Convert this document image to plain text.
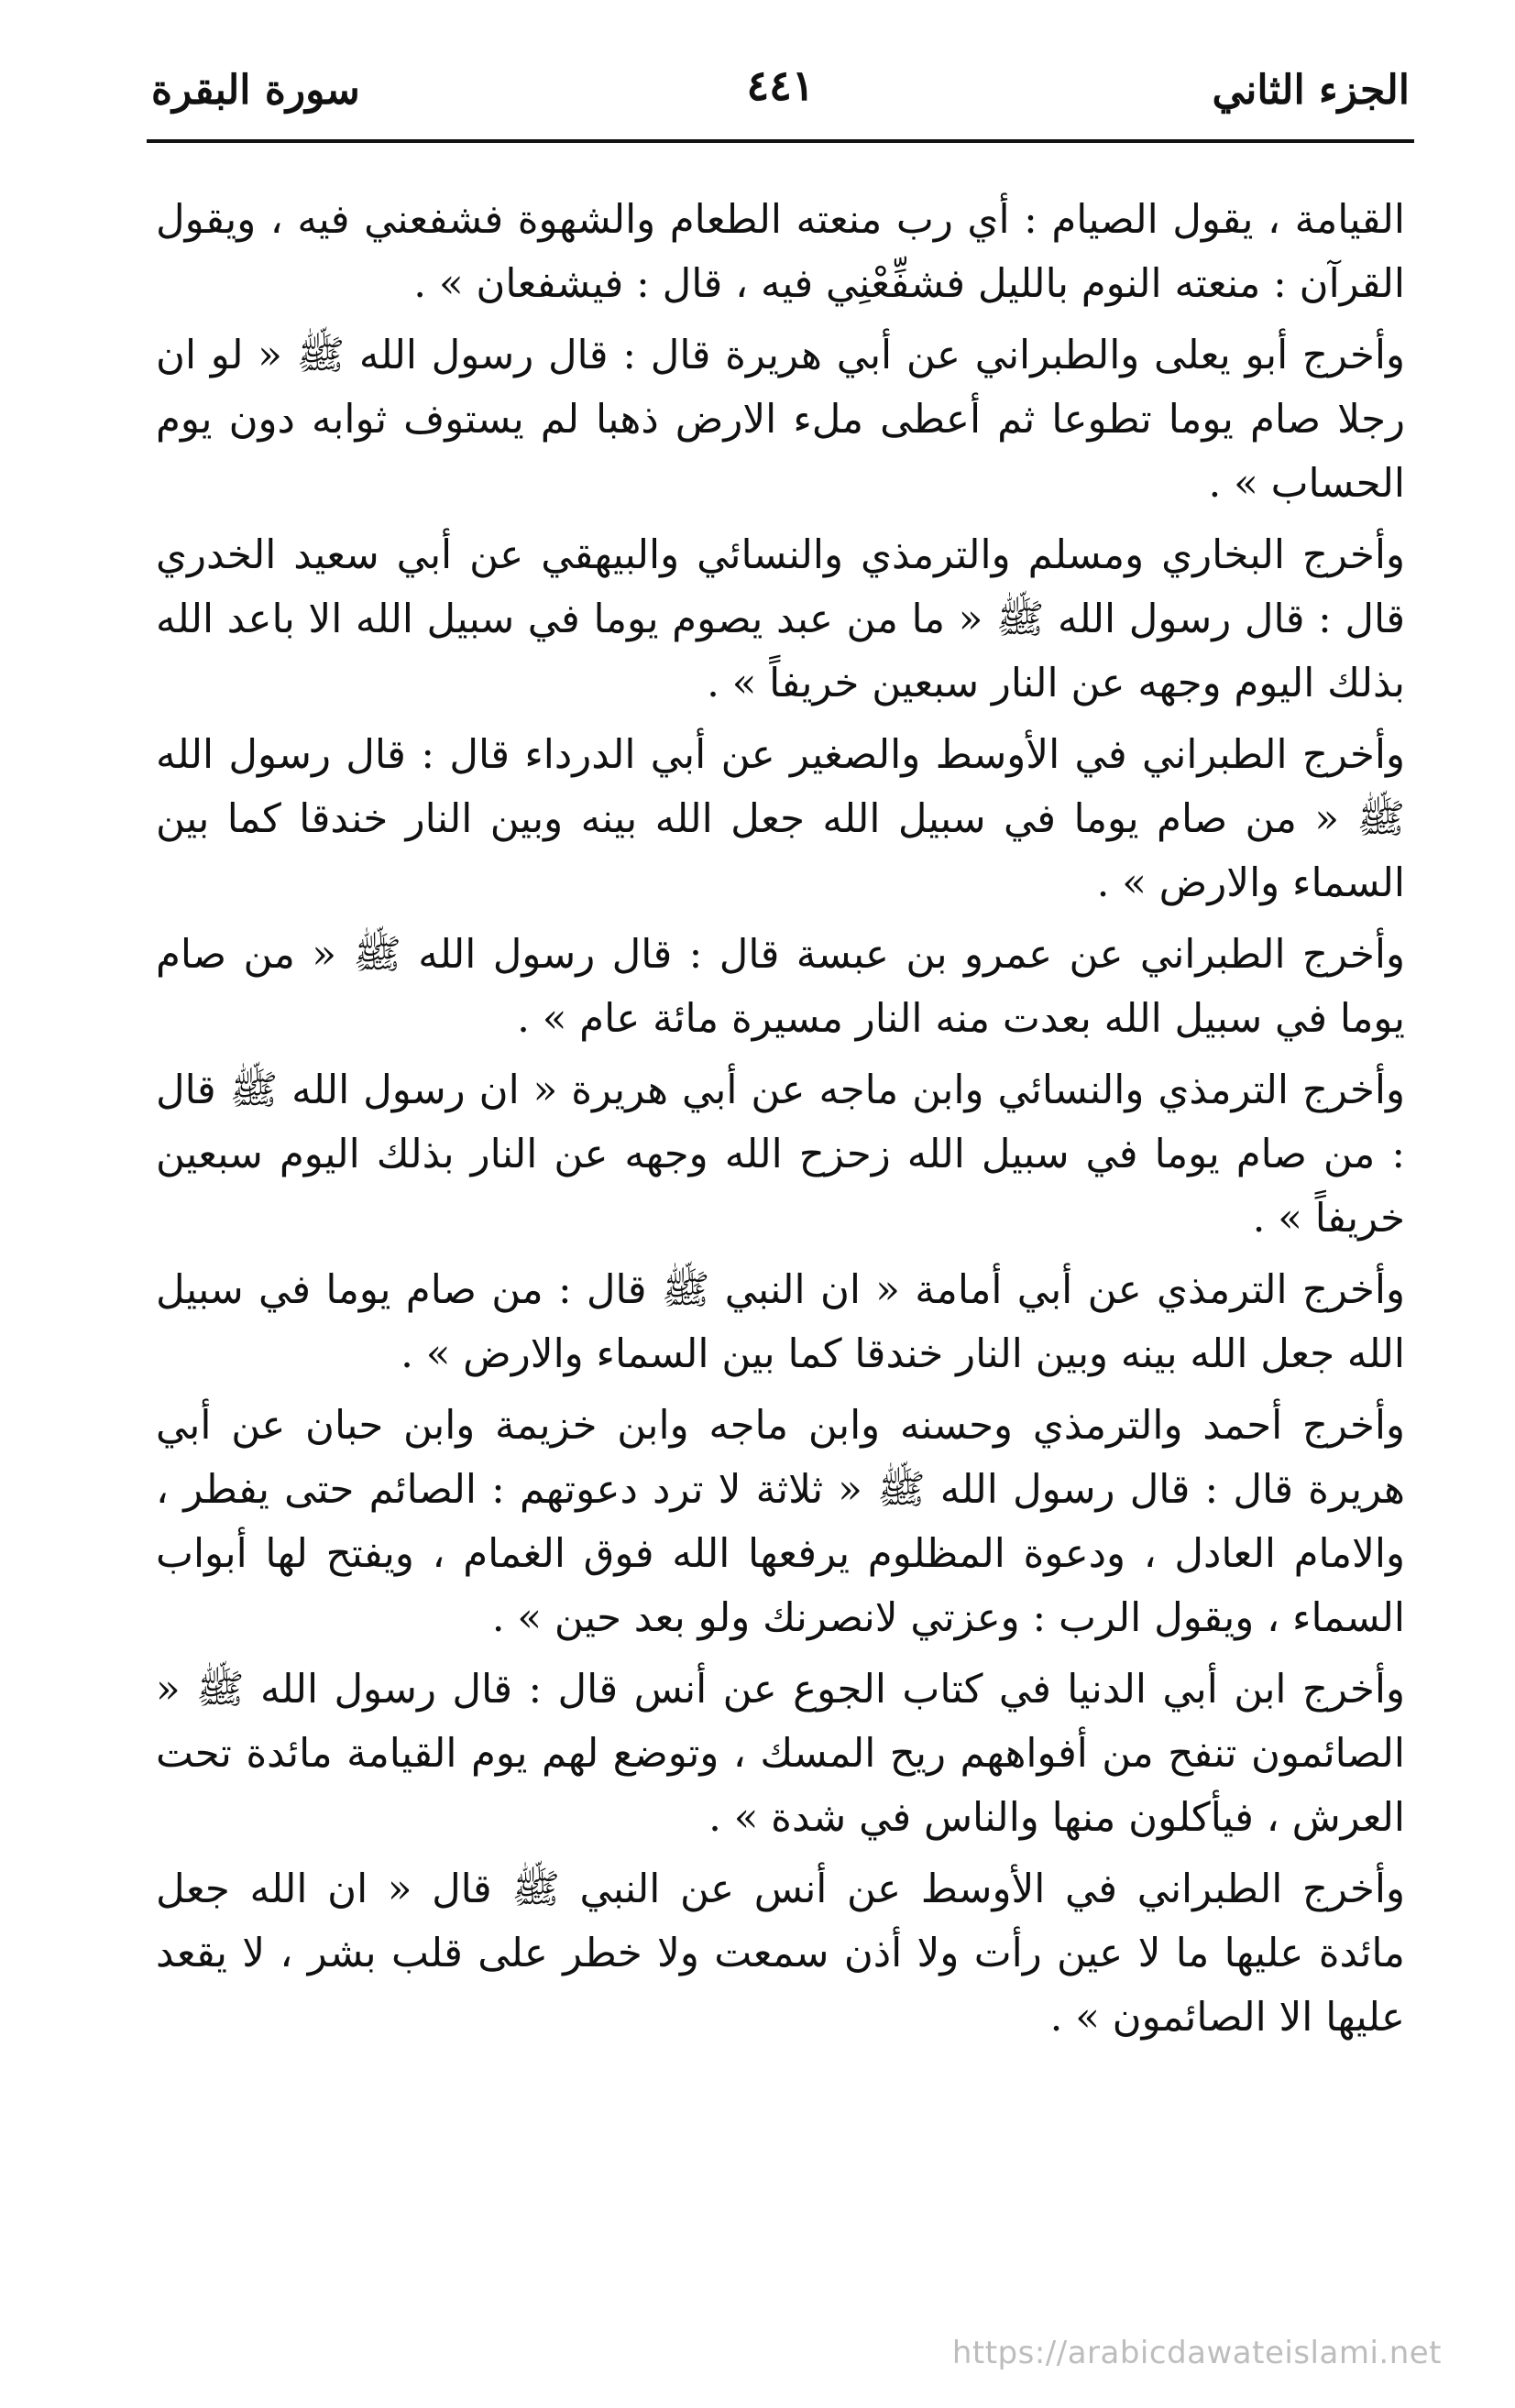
الجزء الثاني
٤٤١
سورة البقرة

القيامة ، يقول الصيام : أي رب منعته الطعام والشهوة فشفعني فيه ، ويقول القرآن : منعته النوم بالليل فشفِّعْنِي فيه ، قال : فيشفعان » .

وأخرج أبو يعلى والطبراني عن أبي هريرة قال : قال رسول الله ﷺ « لو ان رجلا صام يوما تطوعا ثم أعطى ملء الارض ذهبا لم يستوف ثوابه دون يوم الحساب » .

وأخرج البخاري ومسلم والترمذي والنسائي والبيهقي عن أبي سعيد الخدري قال : قال رسول الله ﷺ « ما من عبد يصوم يوما في سبيل الله الا باعد الله بذلك اليوم وجهه عن النار سبعين خريفاً » .

وأخرج الطبراني في الأوسط والصغير عن أبي الدرداء قال : قال رسول الله ﷺ « من صام يوما في سبيل الله جعل الله بينه وبين النار خندقا كما بين السماء والارض » .

وأخرج الطبراني عن عمرو بن عبسة قال : قال رسول الله ﷺ « من صام يوما في سبيل الله بعدت منه النار مسيرة مائة عام » .

وأخرج الترمذي والنسائي وابن ماجه عن أبي هريرة « ان رسول الله ﷺ قال : من صام يوما في سبيل الله زحزح الله وجهه عن النار بذلك اليوم سبعين خريفاً » .

وأخرج الترمذي عن أبي أمامة « ان النبي ﷺ قال : من صام يوما في سبيل الله جعل الله بينه وبين النار خندقا كما بين السماء والارض » .

وأخرج أحمد والترمذي وحسنه وابن ماجه وابن خزيمة وابن حبان عن أبي هريرة قال : قال رسول الله ﷺ « ثلاثة لا ترد دعوتهم : الصائم حتى يفطر ، والامام العادل ، ودعوة المظلوم يرفعها الله فوق الغمام ، ويفتح لها أبواب السماء ، ويقول الرب : وعزتي لانصرنك ولو بعد حين » .

وأخرج ابن أبي الدنيا في كتاب الجوع عن أنس قال : قال رسول الله ﷺ « الصائمون تنفح من أفواههم ريح المسك ، وتوضع لهم يوم القيامة مائدة تحت العرش ، فيأكلون منها والناس في شدة » .

وأخرج الطبراني في الأوسط عن أنس عن النبي ﷺ قال « ان الله جعل مائدة عليها ما لا عين رأت ولا أذن سمعت ولا خطر على قلب بشر ، لا يقعد عليها الا الصائمون » .

https://arabicdawateislami.net
